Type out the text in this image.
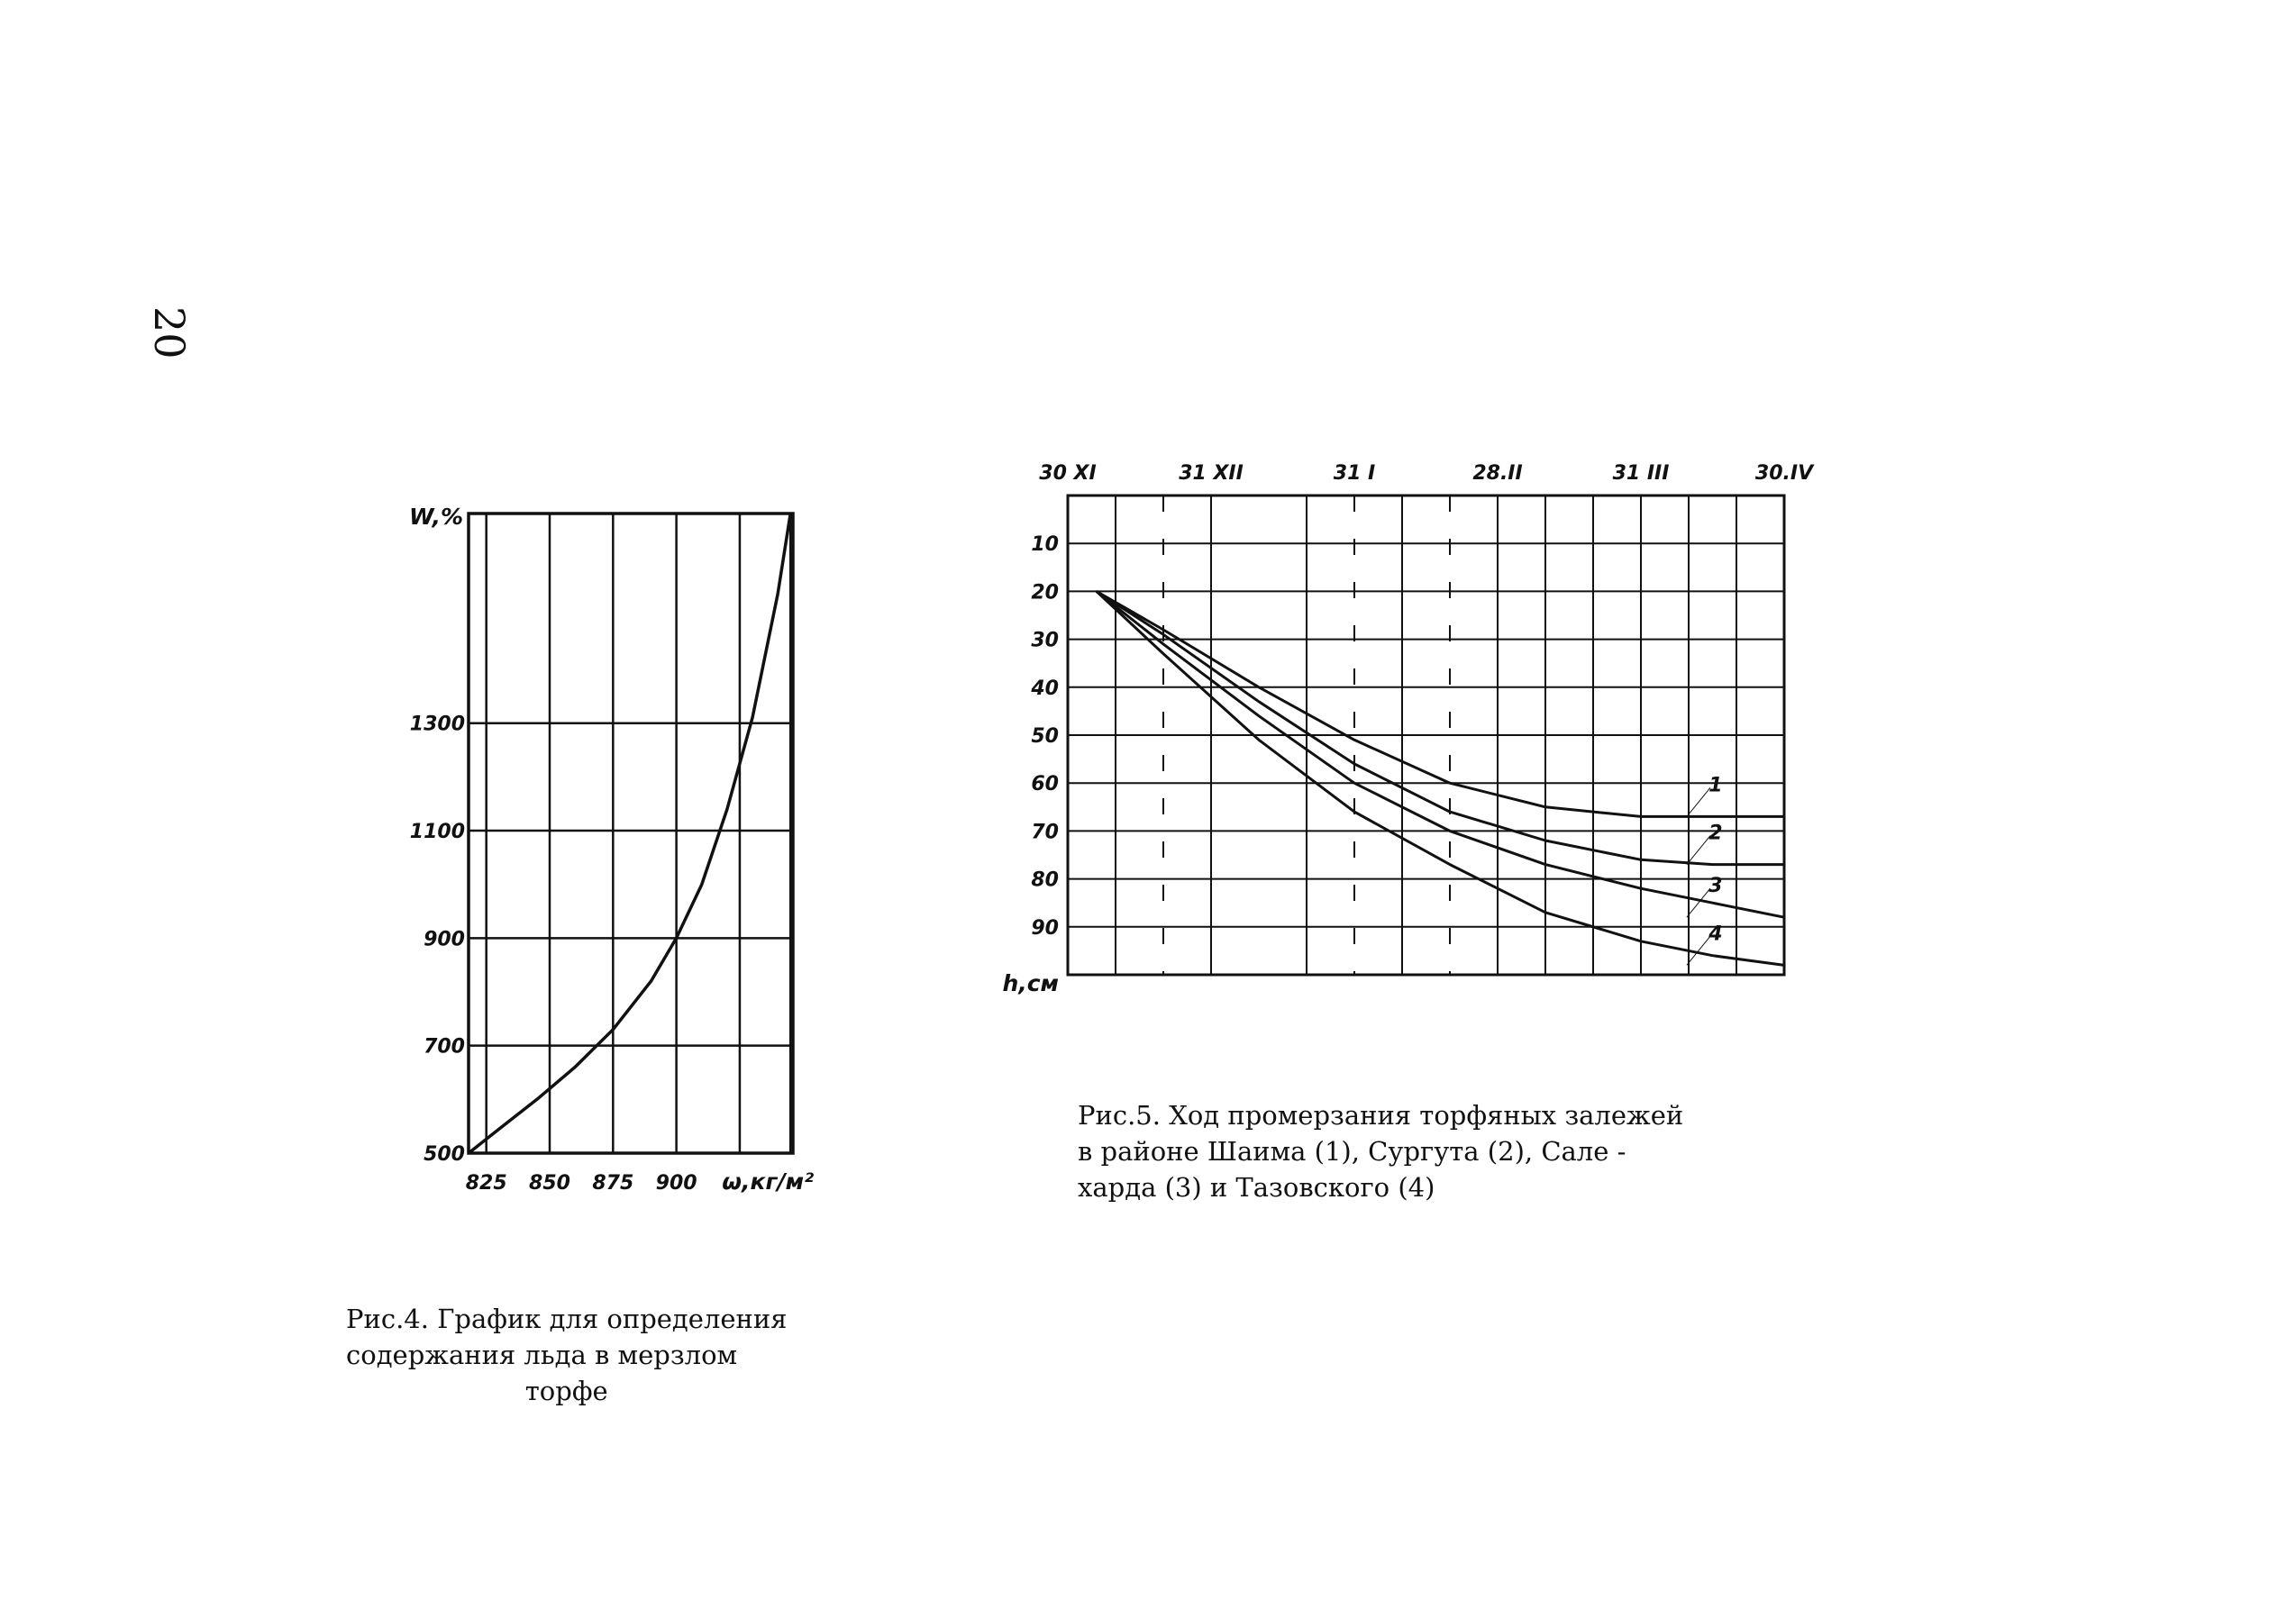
20
500
700
900
1100
1300
825 850 875 900
W,%
ω,кг/м²
10
20
30
40
50
60
70
80
90
30 XI	31 XII	31 I	28.II	31 III	30.IV
h,см
1
2
3
4
Рис.4. График для определения
содержания льда в мерзлом
торфе
Рис.5. Ход промерзания торфяных залежей
в районе Шаима (1), Сургута (2), Сале -
харда (3) и Тазовского (4)
